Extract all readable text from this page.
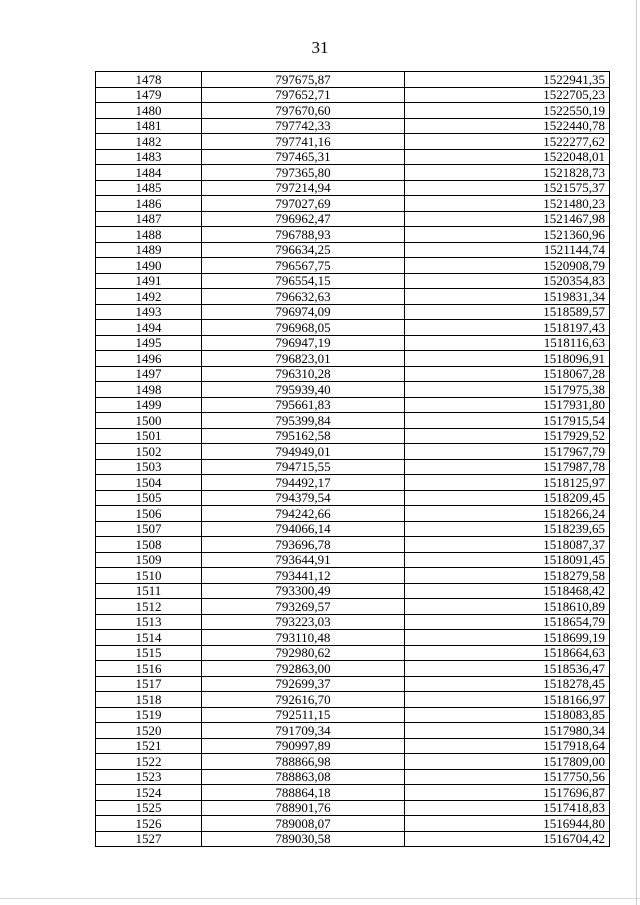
31
1478	797675,87	1522941,35
1479	797652,71	1522705,23
1480	797670,60	1522550,19
1481	797742,33	1522440,78
1482	797741,16	1522277,62
1483	797465,31	1522048,01
1484	797365,80	1521828,73
1485	797214,94	1521575,37
1486	797027,69	1521480,23
1487	796962,47	1521467,98
1488	796788,93	1521360,96
1489	796634,25	1521144,74
1490	796567,75	1520908,79
1491	796554,15	1520354,83
1492	796632,63	1519831,34
1493	796974,09	1518589,57
1494	796968,05	1518197,43
1495	796947,19	1518116,63
1496	796823,01	1518096,91
1497	796310,28	1518067,28
1498	795939,40	1517975,38
1499	795661,83	1517931,80
1500	795399,84	1517915,54
1501	795162,58	1517929,52
1502	794949,01	1517967,79
1503	794715,55	1517987,78
1504	794492,17	1518125,97
1505	794379,54	1518209,45
1506	794242,66	1518266,24
1507	794066,14	1518239,65
1508	793696,78	1518087,37
1509	793644,91	1518091,45
1510	793441,12	1518279,58
1511	793300,49	1518468,42
1512	793269,57	1518610,89
1513	793223,03	1518654,79
1514	793110,48	1518699,19
1515	792980,62	1518664,63
1516	792863,00	1518536,47
1517	792699,37	1518278,45
1518	792616,70	1518166,97
1519	792511,15	1518083,85
1520	791709,34	1517980,34
1521	790997,89	1517918,64
1522	788866,98	1517809,00
1523	788863,08	1517750,56
1524	788864,18	1517696,87
1525	788901,76	1517418,83
1526	789008,07	1516944,80
1527	789030,58	1516704,42
